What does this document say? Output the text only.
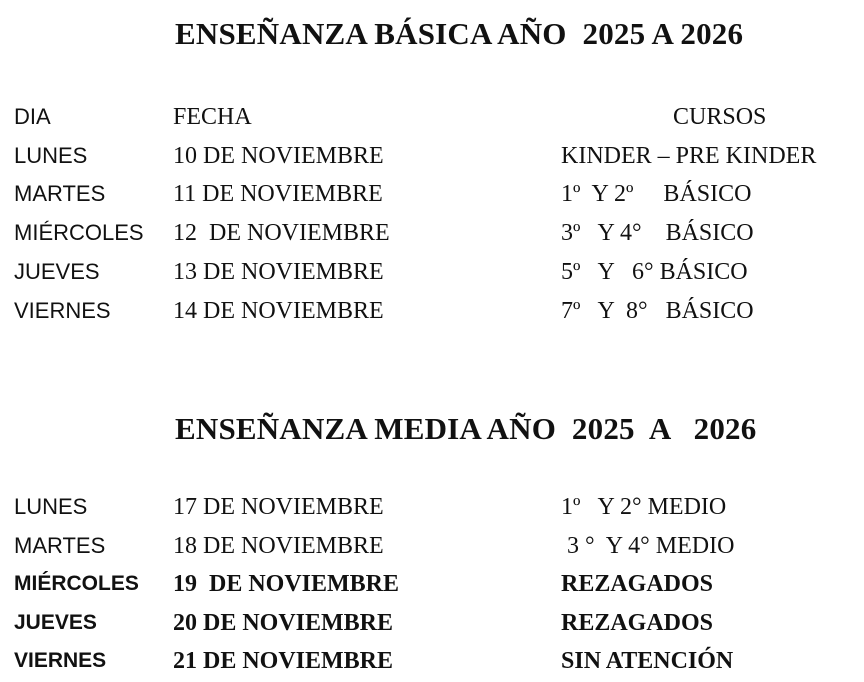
ENSEÑANZA BÁSICA AÑO  2025 A 2026
DIA	FECHA	CURSOS
LUNES	10 DE NOVIEMBRE	KINDER – PRE KINDER
MARTES	11 DE NOVIEMBRE	1º  Y 2º     BÁSICO
MIÉRCOLES 12  DE NOVIEMBRE	3º   Y 4°    BÁSICO
JUEVES	13 DE NOVIEMBRE	5º   Y   6° BÁSICO
VIERNES	14 DE NOVIEMBRE	7º   Y  8°   BÁSICO
ENSEÑANZA MEDIA AÑO  2025  A   2026
LUNES	17 DE NOVIEMBRE	1º   Y 2° MEDIO
MARTES	18 DE NOVIEMBRE	3 °  Y 4° MEDIO
MIÉRCOLES 19  DE NOVIEMBRE	REZAGADOS
JUEVES	20 DE NOVIEMBRE	REZAGADOS
VIERNES	21 DE NOVIEMBRE	SIN ATENCIÓN
